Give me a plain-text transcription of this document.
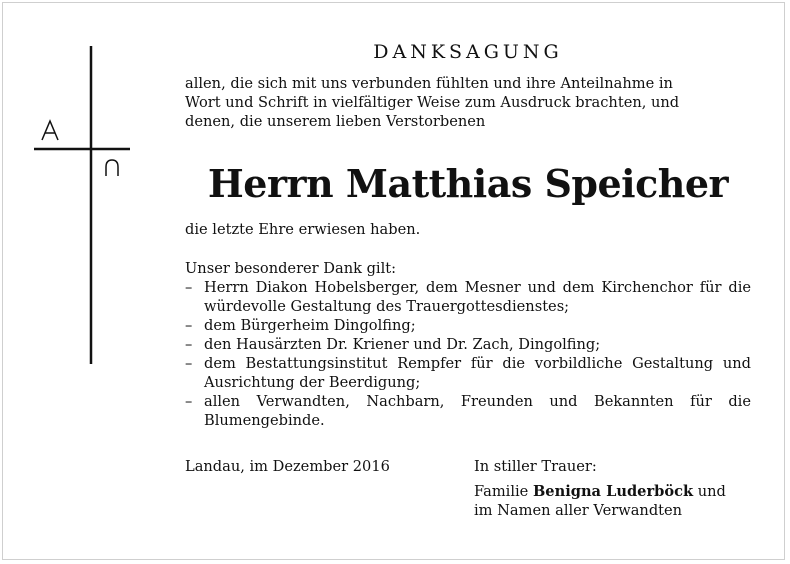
DANKSAGUNG
allen, die sich mit uns verbunden fühlten und ihre Anteilnahme in
Wort und Schrift in vielfältiger Weise zum Ausdruck brachten, und
denen, die unserem lieben Verstorbenen
Herrn Matthias Speicher
die letzte Ehre erwiesen haben.
Unser besonderer Dank gilt:
– Herrn Diakon Hobelsberger, dem Mesner und dem Kirchenchor für die würdevolle Gestaltung des Trauergottesdienstes;
– dem Bürgerheim Dingolfing;
– den Hausärzten Dr. Kriener und Dr. Zach, Dingolfing;
– dem Bestattungsinstitut Rempfer für die vorbildliche Gestaltung und Ausrichtung der Beerdigung;
– allen Verwandten, Nachbarn, Freunden und Bekannten für die Blumengebinde.
Landau, im Dezember 2016	In stiller Trauer:
Familie Benigna Luderböck und
im Namen aller Verwandten
